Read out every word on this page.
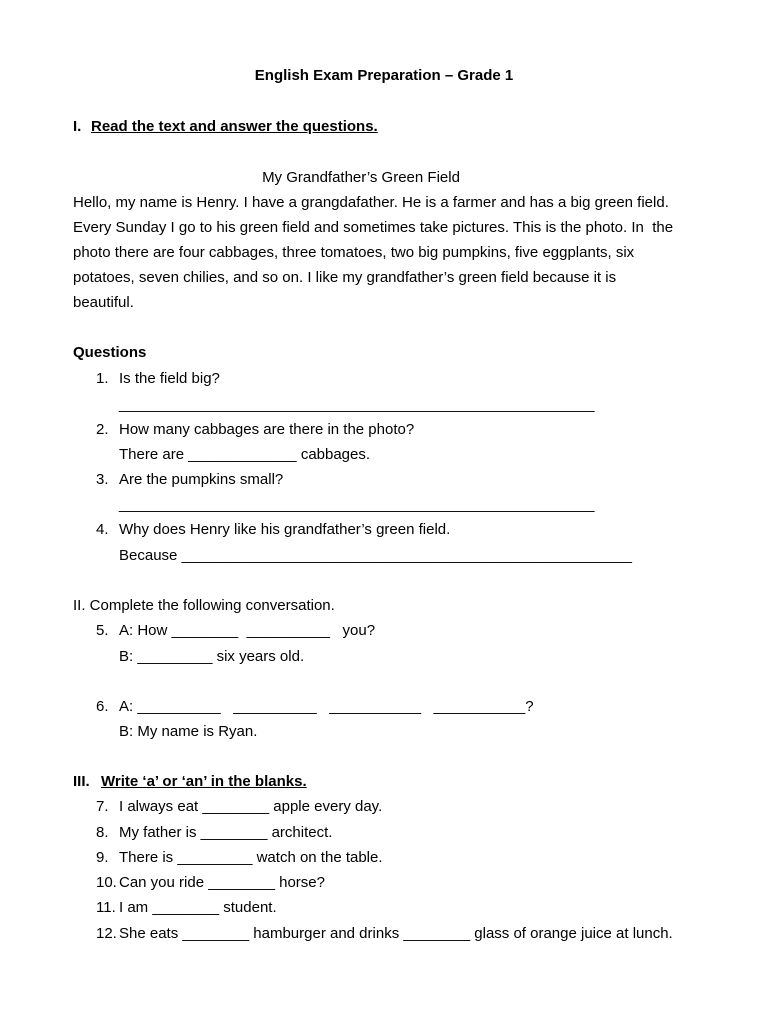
English Exam Preparation – Grade 1
I. Read the text and answer the questions.
My Grandfather’s Green Field
Hello, my name is Henry. I have a grangdafather. He is a farmer and has a big green field.
Every Sunday I go to his green field and sometimes take pictures. This is the photo. In  the
photo there are four cabbages, three tomatoes, two big pumpkins, five eggplants, six
potatoes, seven chilies, and so on. I like my grandfather’s green field because it is
beautiful.
Questions
1. Is the field big?
_________________________________________________________
2. How many cabbages are there in the photo?
There are _____________ cabbages.
3. Are the pumpkins small?
_________________________________________________________
4. Why does Henry like his grandfather’s green field.
Because ______________________________________________________
II. Complete the following conversation.
5. A: How ________  __________   you?
B: _________ six years old.
6. A: __________   __________   ___________   ___________?
B: My name is Ryan.
III. Write ‘a’ or ‘an’ in the blanks.
7. I always eat ________ apple every day.
8. My father is ________ architect.
9. There is _________ watch on the table.
10. Can you ride ________ horse?
11. I am ________ student.
12. She eats ________ hamburger and drinks ________ glass of orange juice at lunch.
